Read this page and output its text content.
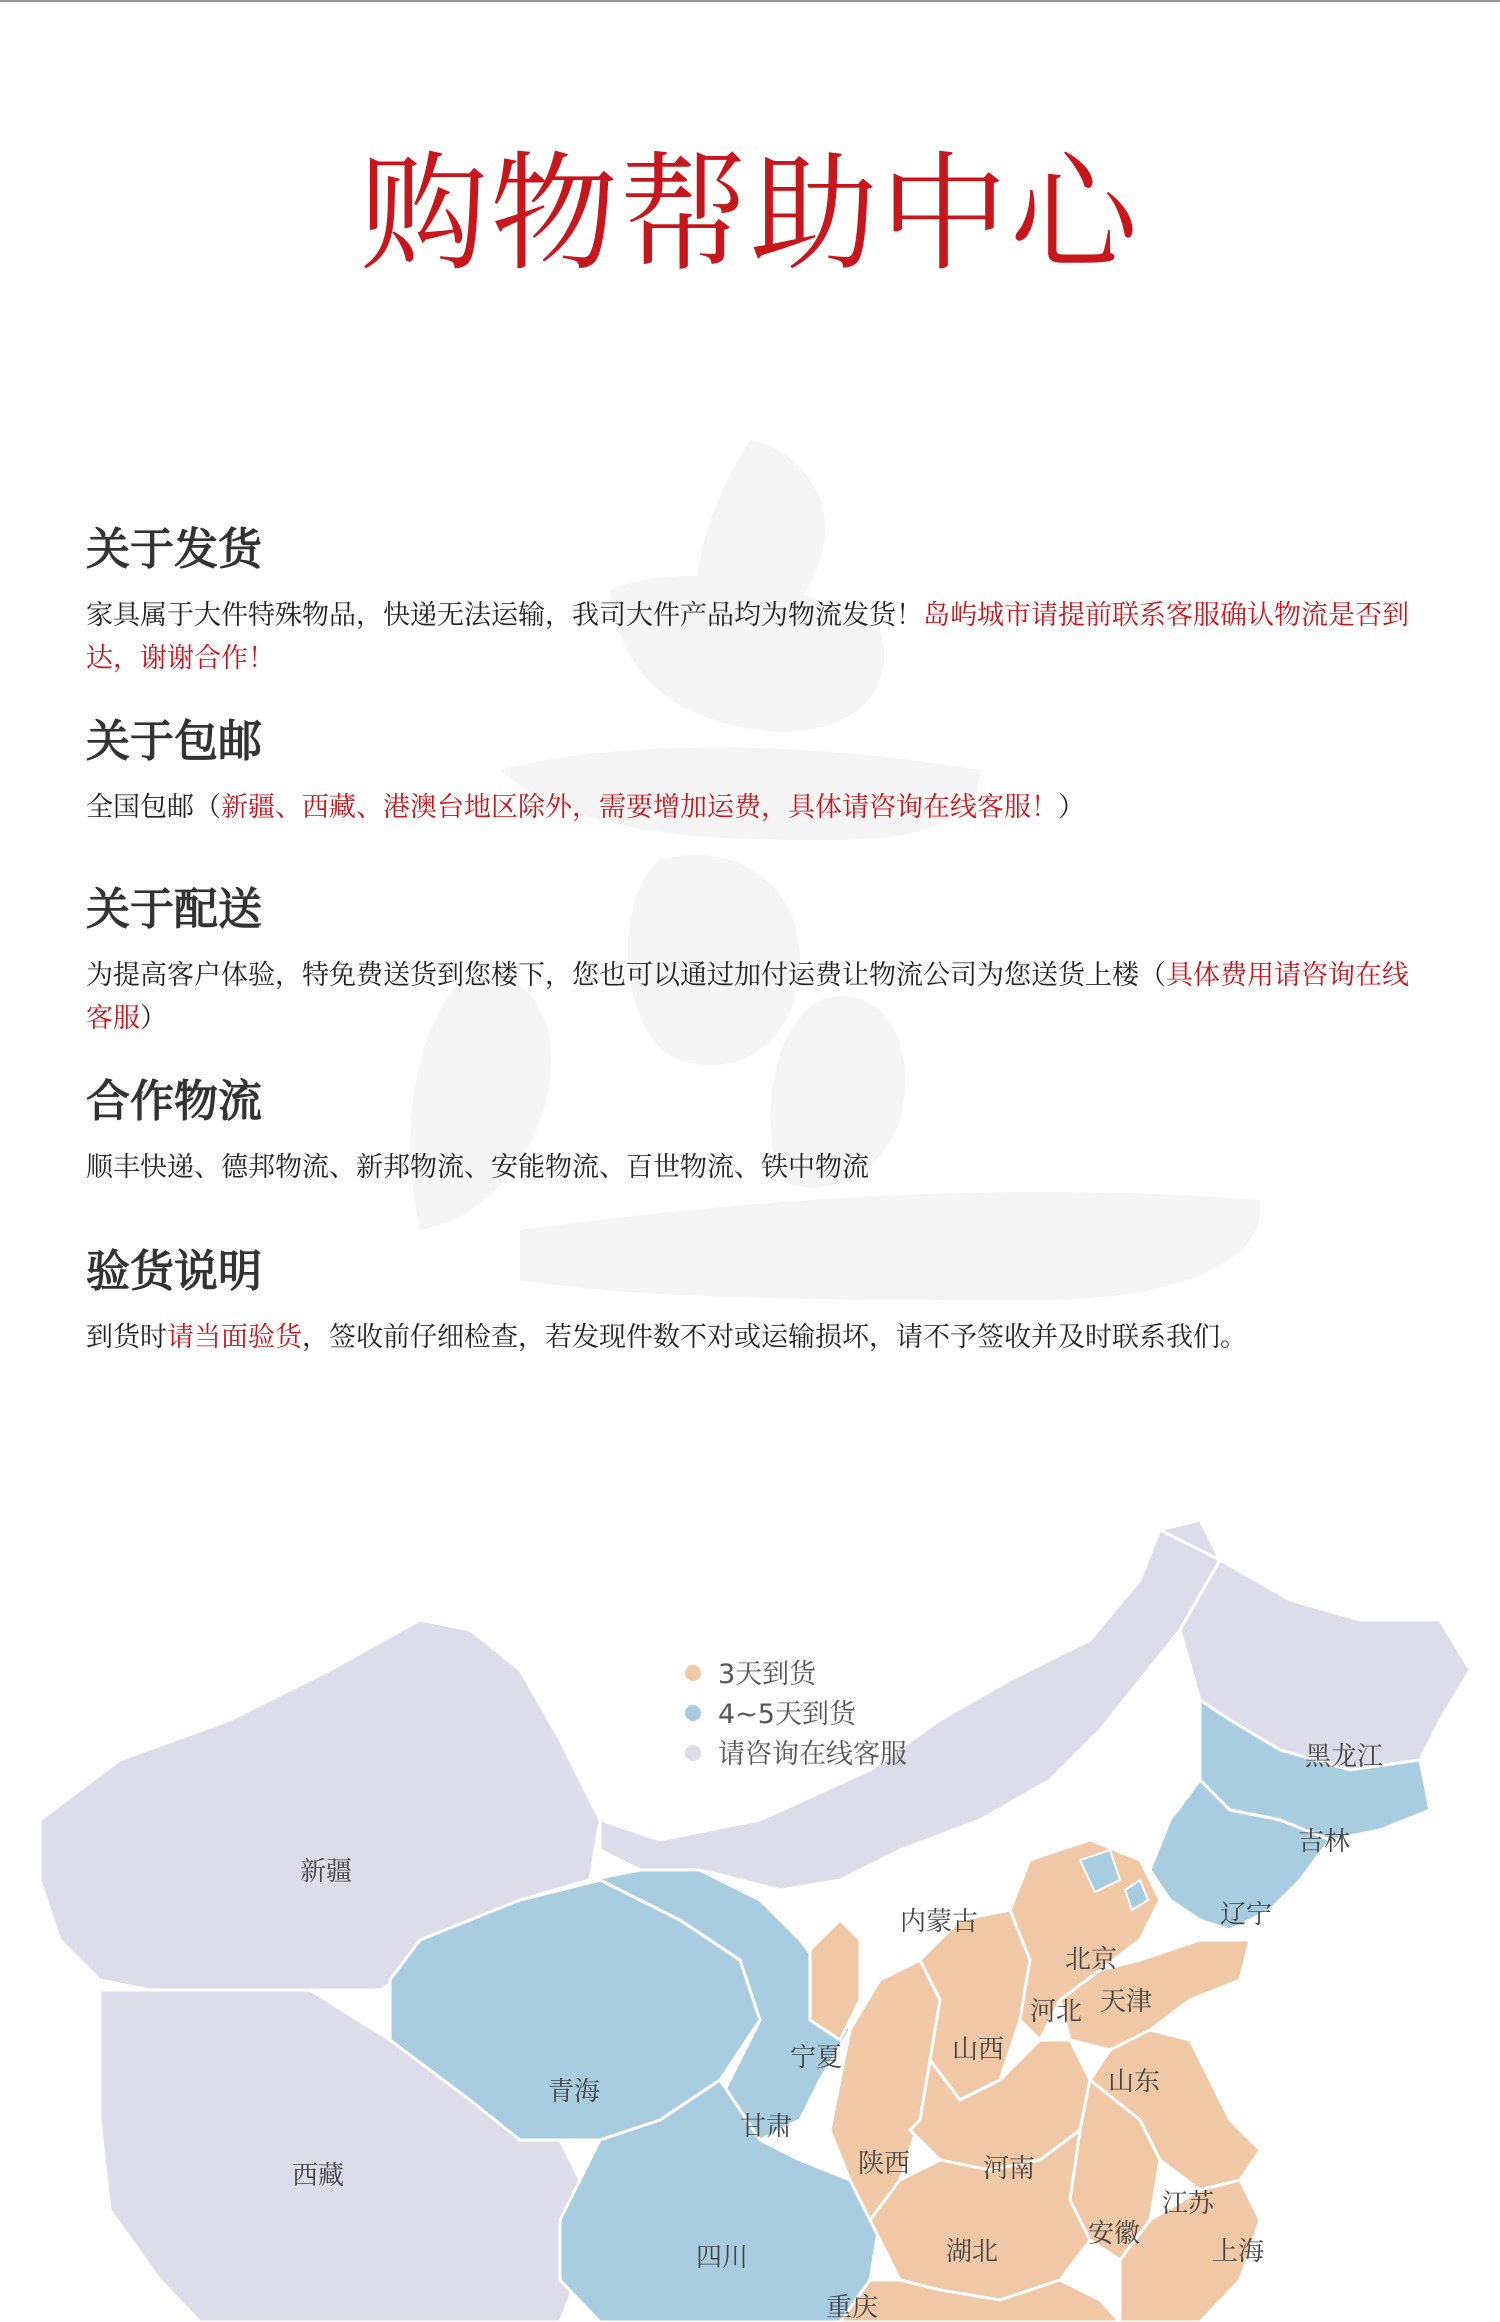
购物帮助中心
关于发货

家具属于大件特殊物品，快递无法运输，我司大件产品均为物流发货！岛屿城市请提前联系客服确认物流是否到达，谢谢合作！

关于包邮

全国包邮（新疆、西藏、港澳台地区除外，需要增加运费，具体请咨询在线客服！）

关于配送

为提高客户体验，特免费送货到您楼下，您也可以通过加付运费让物流公司为您送货上楼（具体费用请咨询在线客服）

合作物流

顺丰快递、德邦物流、新邦物流、安能物流、百世物流、铁中物流

验货说明

到货时请当面验货，签收前仔细检查，若发现件数不对或运输损坏，请不予签收并及时联系我们。

3天到货
4~5天到货
请咨询在线客服	黑龙江
吉林
辽宁
新疆
内蒙古
北京
天津
河北
宁夏	山西
山东
青海
甘肃
西藏	陕西	河南
江苏
安徽
四川	湖北	上海
重庆
